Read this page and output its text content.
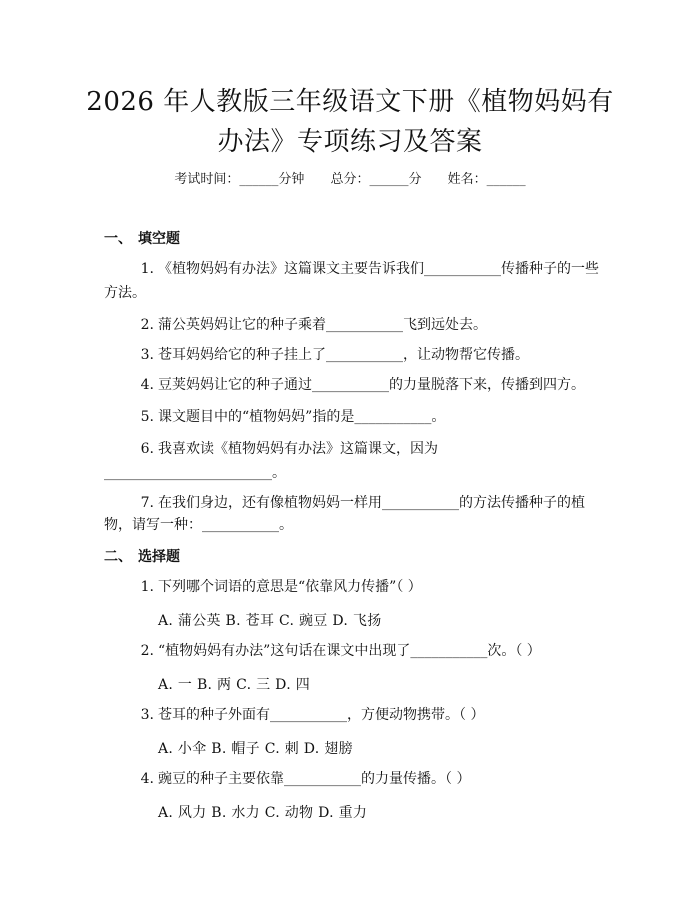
2026 年人教版三年级语文下册《植物妈妈有
办法》专项练习及答案
考试时间：______分钟 总分：______分 姓名：______
一、 填空题
1. 《植物妈妈有办法》这篇课文主要告诉我们___________传播种子的一些
方法。
2. 蒲公英妈妈让它的种子乘着___________飞到远处去。
3. 苍耳妈妈给它的种子挂上了___________，让动物帮它传播。
4. 豆荚妈妈让它的种子通过___________的力量脱落下来，传播到四方。
5. 课文题目中的“植物妈妈”指的是___________。
6. 我喜欢读《植物妈妈有办法》这篇课文，因为
________________________。
7. 在我们身边，还有像植物妈妈一样用___________的方法传播种子的植
物，请写一种：___________。
二、 选择题
1. 下列哪个词语的意思是“依靠风力传播”（ ）
A. 蒲公英 B. 苍耳 C. 豌豆 D. 飞扬
2. “植物妈妈有办法”这句话在课文中出现了___________次。（ ）
A. 一 B. 两 C. 三 D. 四
3. 苍耳的种子外面有___________，方便动物携带。（ ）
A. 小伞 B. 帽子 C. 刺 D. 翅膀
4. 豌豆的种子主要依靠___________的力量传播。（ ）
A. 风力 B. 水力 C. 动物 D. 重力
